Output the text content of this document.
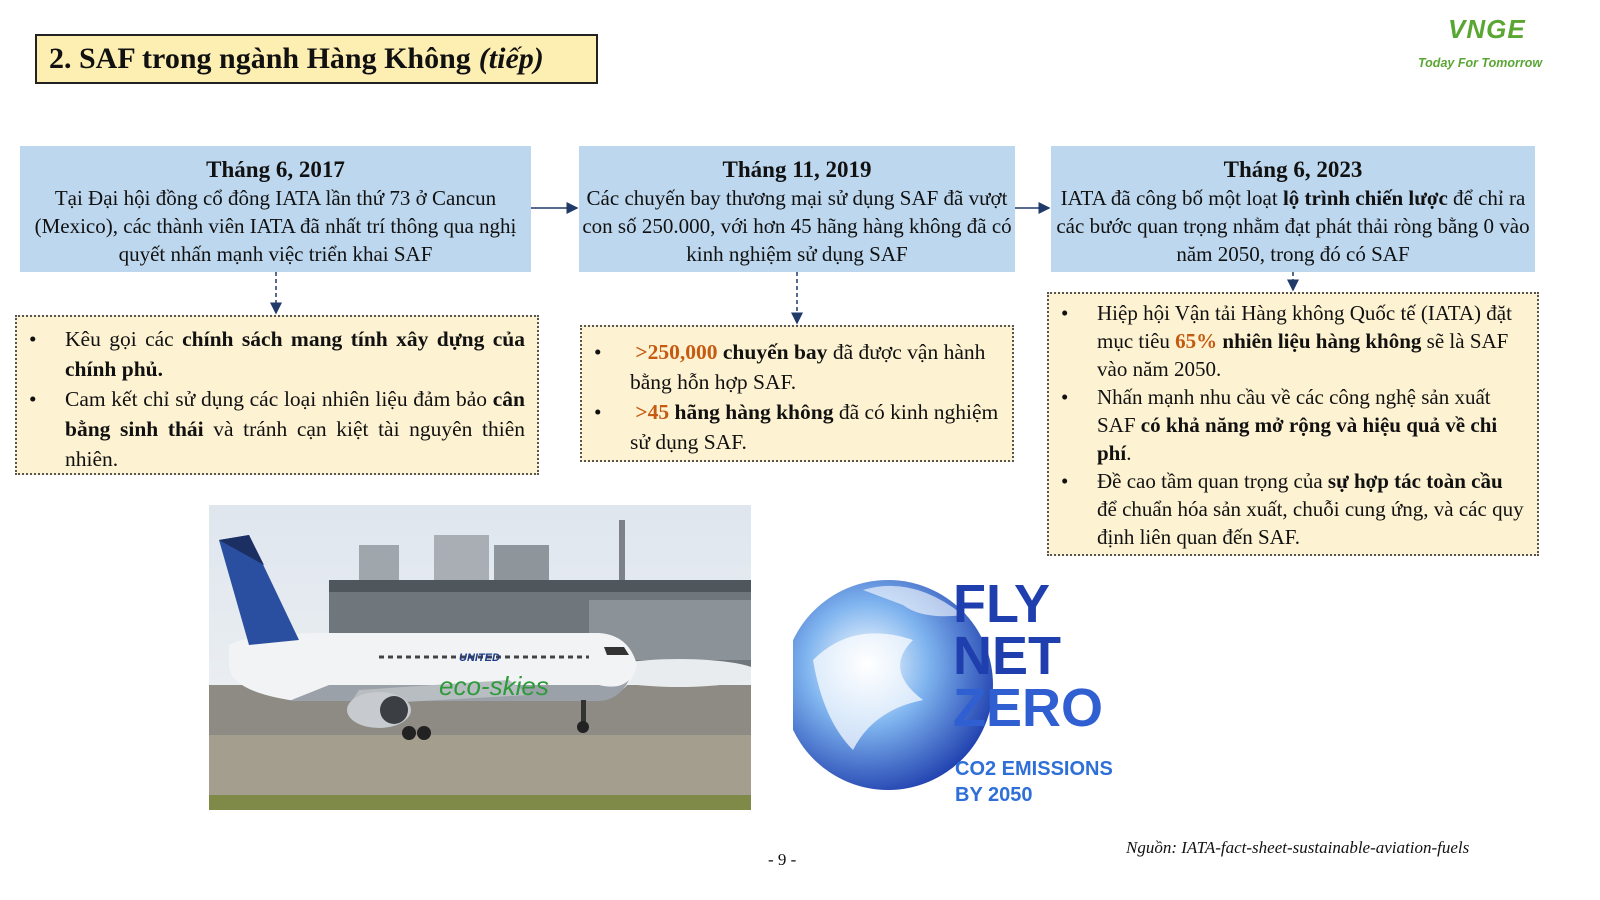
2. SAF trong ngành Hàng Không (tiếp)
VNGE
Today For Tomorrow
Tháng 6, 2017
Tại Đại hội đồng cổ đông IATA lần thứ 73 ở Cancun (Mexico), các thành viên IATA đã nhất trí thông qua nghị quyết nhấn mạnh việc triển khai SAF
Tháng 11, 2019
Các chuyến bay thương mại sử dụng SAF đã vượt con số 250.000, với hơn 45 hãng hàng không đã có kinh nghiệm sử dụng SAF
Tháng 6, 2023
IATA đã công bố một loạt lộ trình chiến lược để chỉ ra các bước quan trọng nhằm đạt phát thải ròng bằng 0 vào năm 2050, trong đó có SAF
• Kêu gọi các chính sách mang tính xây dựng của chính phủ.
• Cam kết chỉ sử dụng các loại nhiên liệu đảm bảo cân bằng sinh thái và tránh cạn kiệt tài nguyên thiên nhiên.
• >250,000 chuyến bay đã được vận hành bằng hỗn hợp SAF.
• >45 hãng hàng không đã có kinh nghiệm sử dụng SAF.
• Hiệp hội Vận tải Hàng không Quốc tế (IATA) đặt mục tiêu 65% nhiên liệu hàng không sẽ là SAF vào năm 2050.
• Nhấn mạnh nhu cầu về các công nghệ sản xuất SAF có khả năng mở rộng và hiệu quả về chi phí.
• Đề cao tầm quan trọng của sự hợp tác toàn cầu để chuẩn hóa sản xuất, chuỗi cung ứng, và các quy định liên quan đến SAF.
UNITED
eco-skies
FLY
NET
ZERO
CO2 EMISSIONS
BY 2050
Nguồn: IATA-fact-sheet-sustainable-aviation-fuels
- 9 -
